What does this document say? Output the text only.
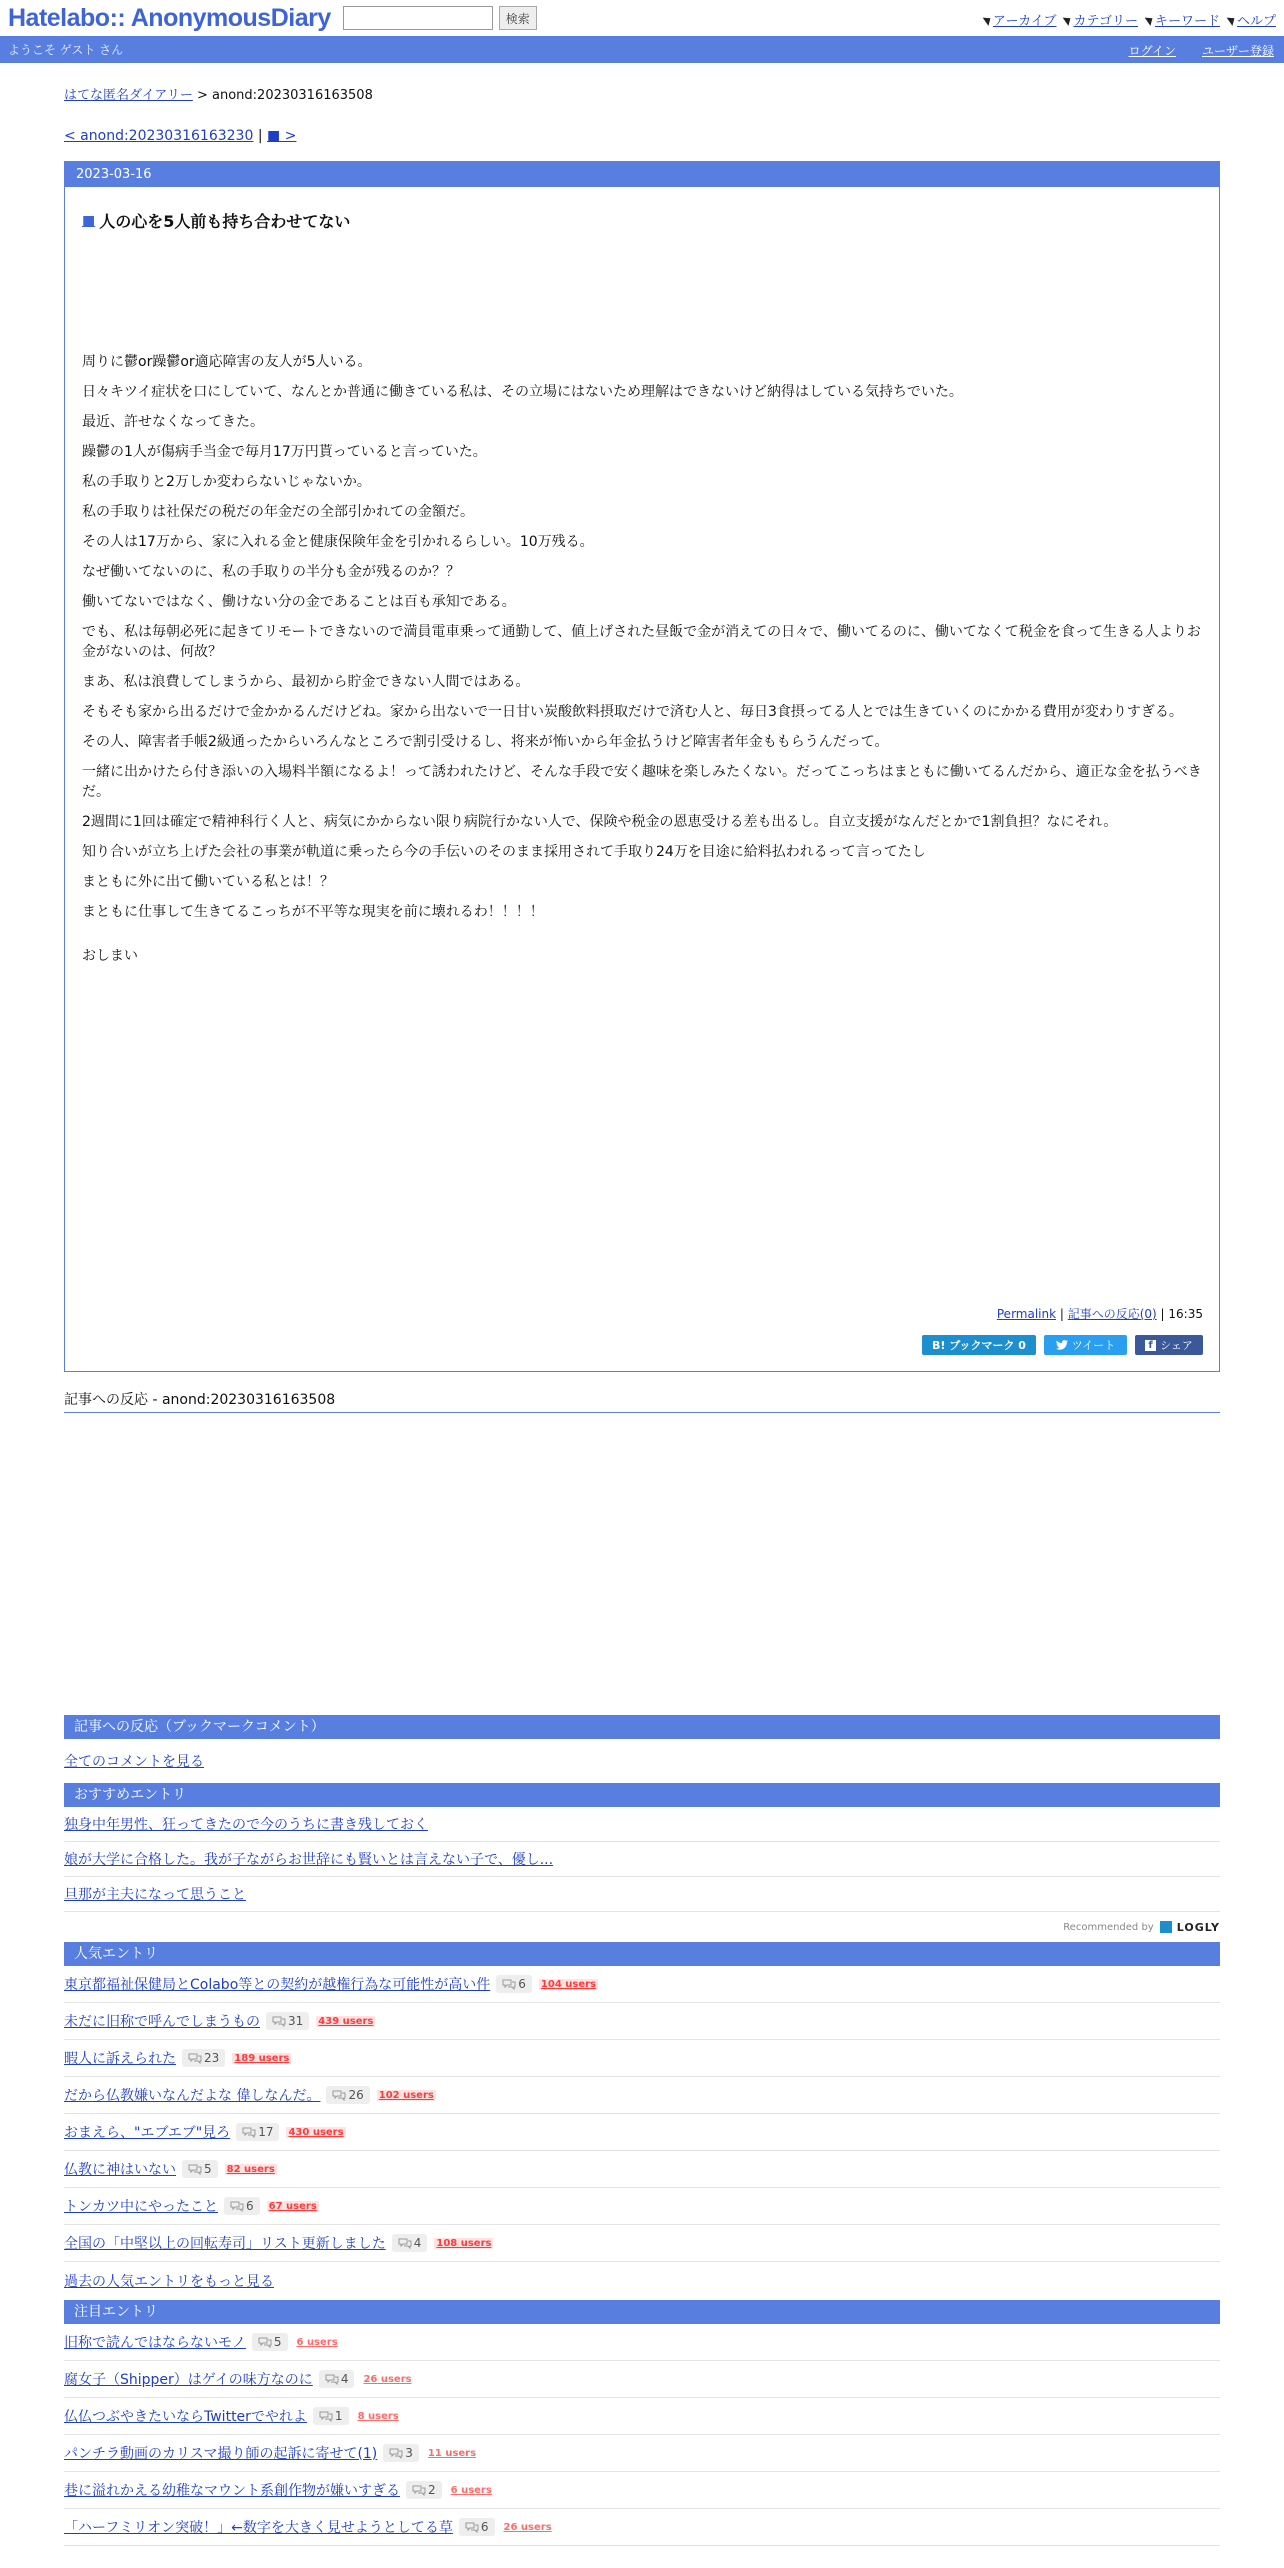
Hatelabo:: AnonymousDiary	検索	アーカイブ カテゴリー キーワード ヘルプ
ようこそ ゲスト さん	ログイン ユーザー登録
はてな匿名ダイアリー > anond:20230316163508
< anond:20230316163230 | ■ >
2023-03-16
■ 人の心を5人前も持ち合わせてない

周りに鬱or躁鬱or適応障害の友人が5人いる。

日々キツイ症状を口にしていて、なんとか普通に働きている私は、その立場にはないため理解はできないけど納得はしている気持ちでいた。

最近、許せなくなってきた。

躁鬱の1人が傷病手当金で毎月17万円貰っていると言っていた。

私の手取りと2万しか変わらないじゃないか。

私の手取りは社保だの税だの年金だの全部引かれての金額だ。

その人は17万から、家に入れる金と健康保険年金を引かれるらしい。10万残る。

なぜ働いてないのに、私の手取りの半分も金が残るのか？？

働いてないではなく、働けない分の金であることは百も承知である。

でも、私は毎朝必死に起きてリモートできないので満員電車乗って通勤して、値上げされた昼飯で金が消えての日々で、働いてるのに、働いてなくて税金を食って生きる人よりお金がないのは、何故？

まあ、私は浪費してしまうから、最初から貯金できない人間ではある。

そもそも家から出るだけで金かかるんだけどね。家から出ないで一日甘い炭酸飲料摂取だけで済む人と、毎日3食摂ってる人とでは生きていくのにかかる費用が変わりすぎる。

その人、障害者手帳2級通ったからいろんなところで割引受けるし、将来が怖いから年金払うけど障害者年金ももらうんだって。

一緒に出かけたら付き添いの入場料半額になるよ！って誘われたけど、そんな手段で安く趣味を楽しみたくない。だってこっちはまともに働いてるんだから、適正な金を払うべきだ。

2週間に1回は確定で精神科行く人と、病気にかからない限り病院行かない人で、保険や税金の恩恵受ける差も出るし。自立支援がなんだとかで1割負担？なにそれ。

知り合いが立ち上げた会社の事業が軌道に乗ったら今の手伝いのそのまま採用されて手取り24万を目途に給料払われるって言ってたし

まともに外に出て働いている私とは！？

まともに仕事して生きてるこっちが不平等な現実を前に壊れるわ！！！！

おしまい

Permalink | 記事への反応(0) | 16:35
B! ブックマーク 0	ツイート	f シェア
記事への反応 - anond:20230316163508
記事への反応（ブックマークコメント）
全てのコメントを見る
おすすめエントリ
独身中年男性、狂ってきたので今のうちに書き残しておく
娘が大学に合格した。我が子ながらお世辞にも賢いとは言えない子で、優し...
旦那が主夫になって思うこと
Recommended by LOGLY
人気エントリ
東京都福祉保健局とColabo等との契約が越権行為な可能性が高い件 6 104 users
未だに旧称で呼んでしまうもの 31 439 users
暇人に訴えられた 23 189 users
だから仏教嫌いなんだよな 偉しなんだ。 26 102 users
おまえら、"エブエブ"見ろ 17 430 users
仏教に神はいない 5 82 users
トンカツ中にやったこと 6 67 users
全国の「中堅以上の回転寿司」リスト更新しました 4 108 users
過去の人気エントリをもっと見る
注目エントリ
旧称で読んではならないモノ 5 6 users
腐女子（Shipper）はゲイの味方なのに 4 26 users
仏仏つぶやきたいならTwitterでやれよ 1 8 users
パンチラ動画のカリスマ撮り師の起訴に寄せて(1) 3 11 users
巷に溢れかえる幼稚なマウント系創作物が嫌いすぎる 2 6 users
「ハーフミリオン突破！」←数字を大きく見せようとしてる草 6 26 users
